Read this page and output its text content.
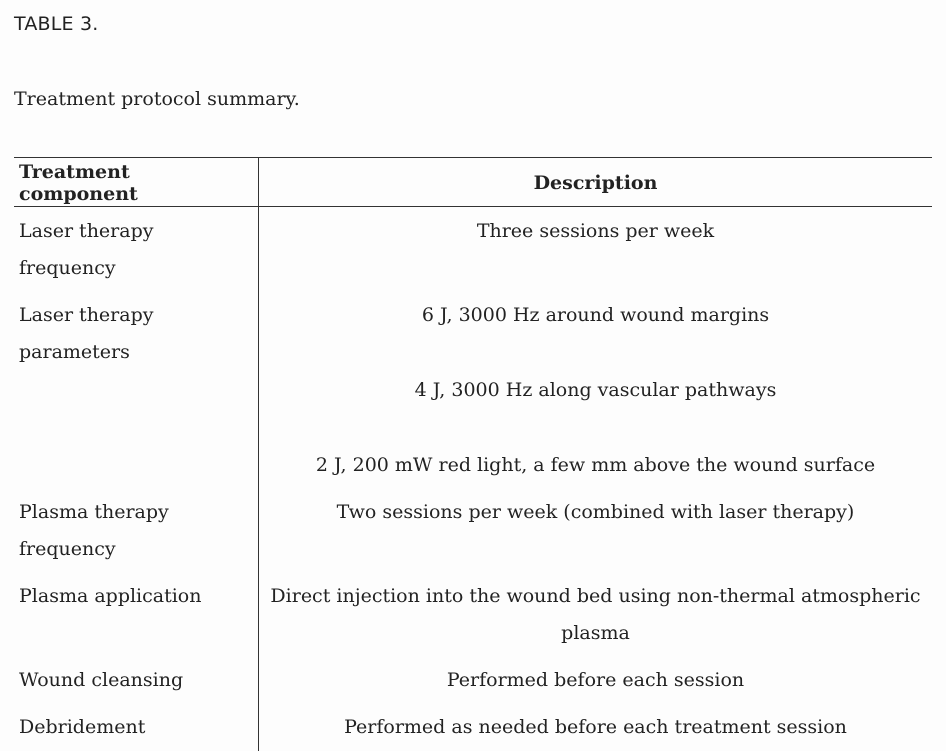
TABLE 3.
Treatment protocol summary.
Treatment component	Description
Laser therapy frequency	Three sessions per week

Laser therapy parameters	6 J, 3000 Hz around wound margins
4 J, 3000 Hz along vascular pathways
2 J, 200 mW red light, a few mm above the wound surface

Plasma therapy frequency	Two sessions per week (combined with laser therapy)

Plasma application	Direct injection into the wound bed using non-thermal atmospheric plasma

Wound cleansing	Performed before each session

Debridement	Performed as needed before each treatment session
